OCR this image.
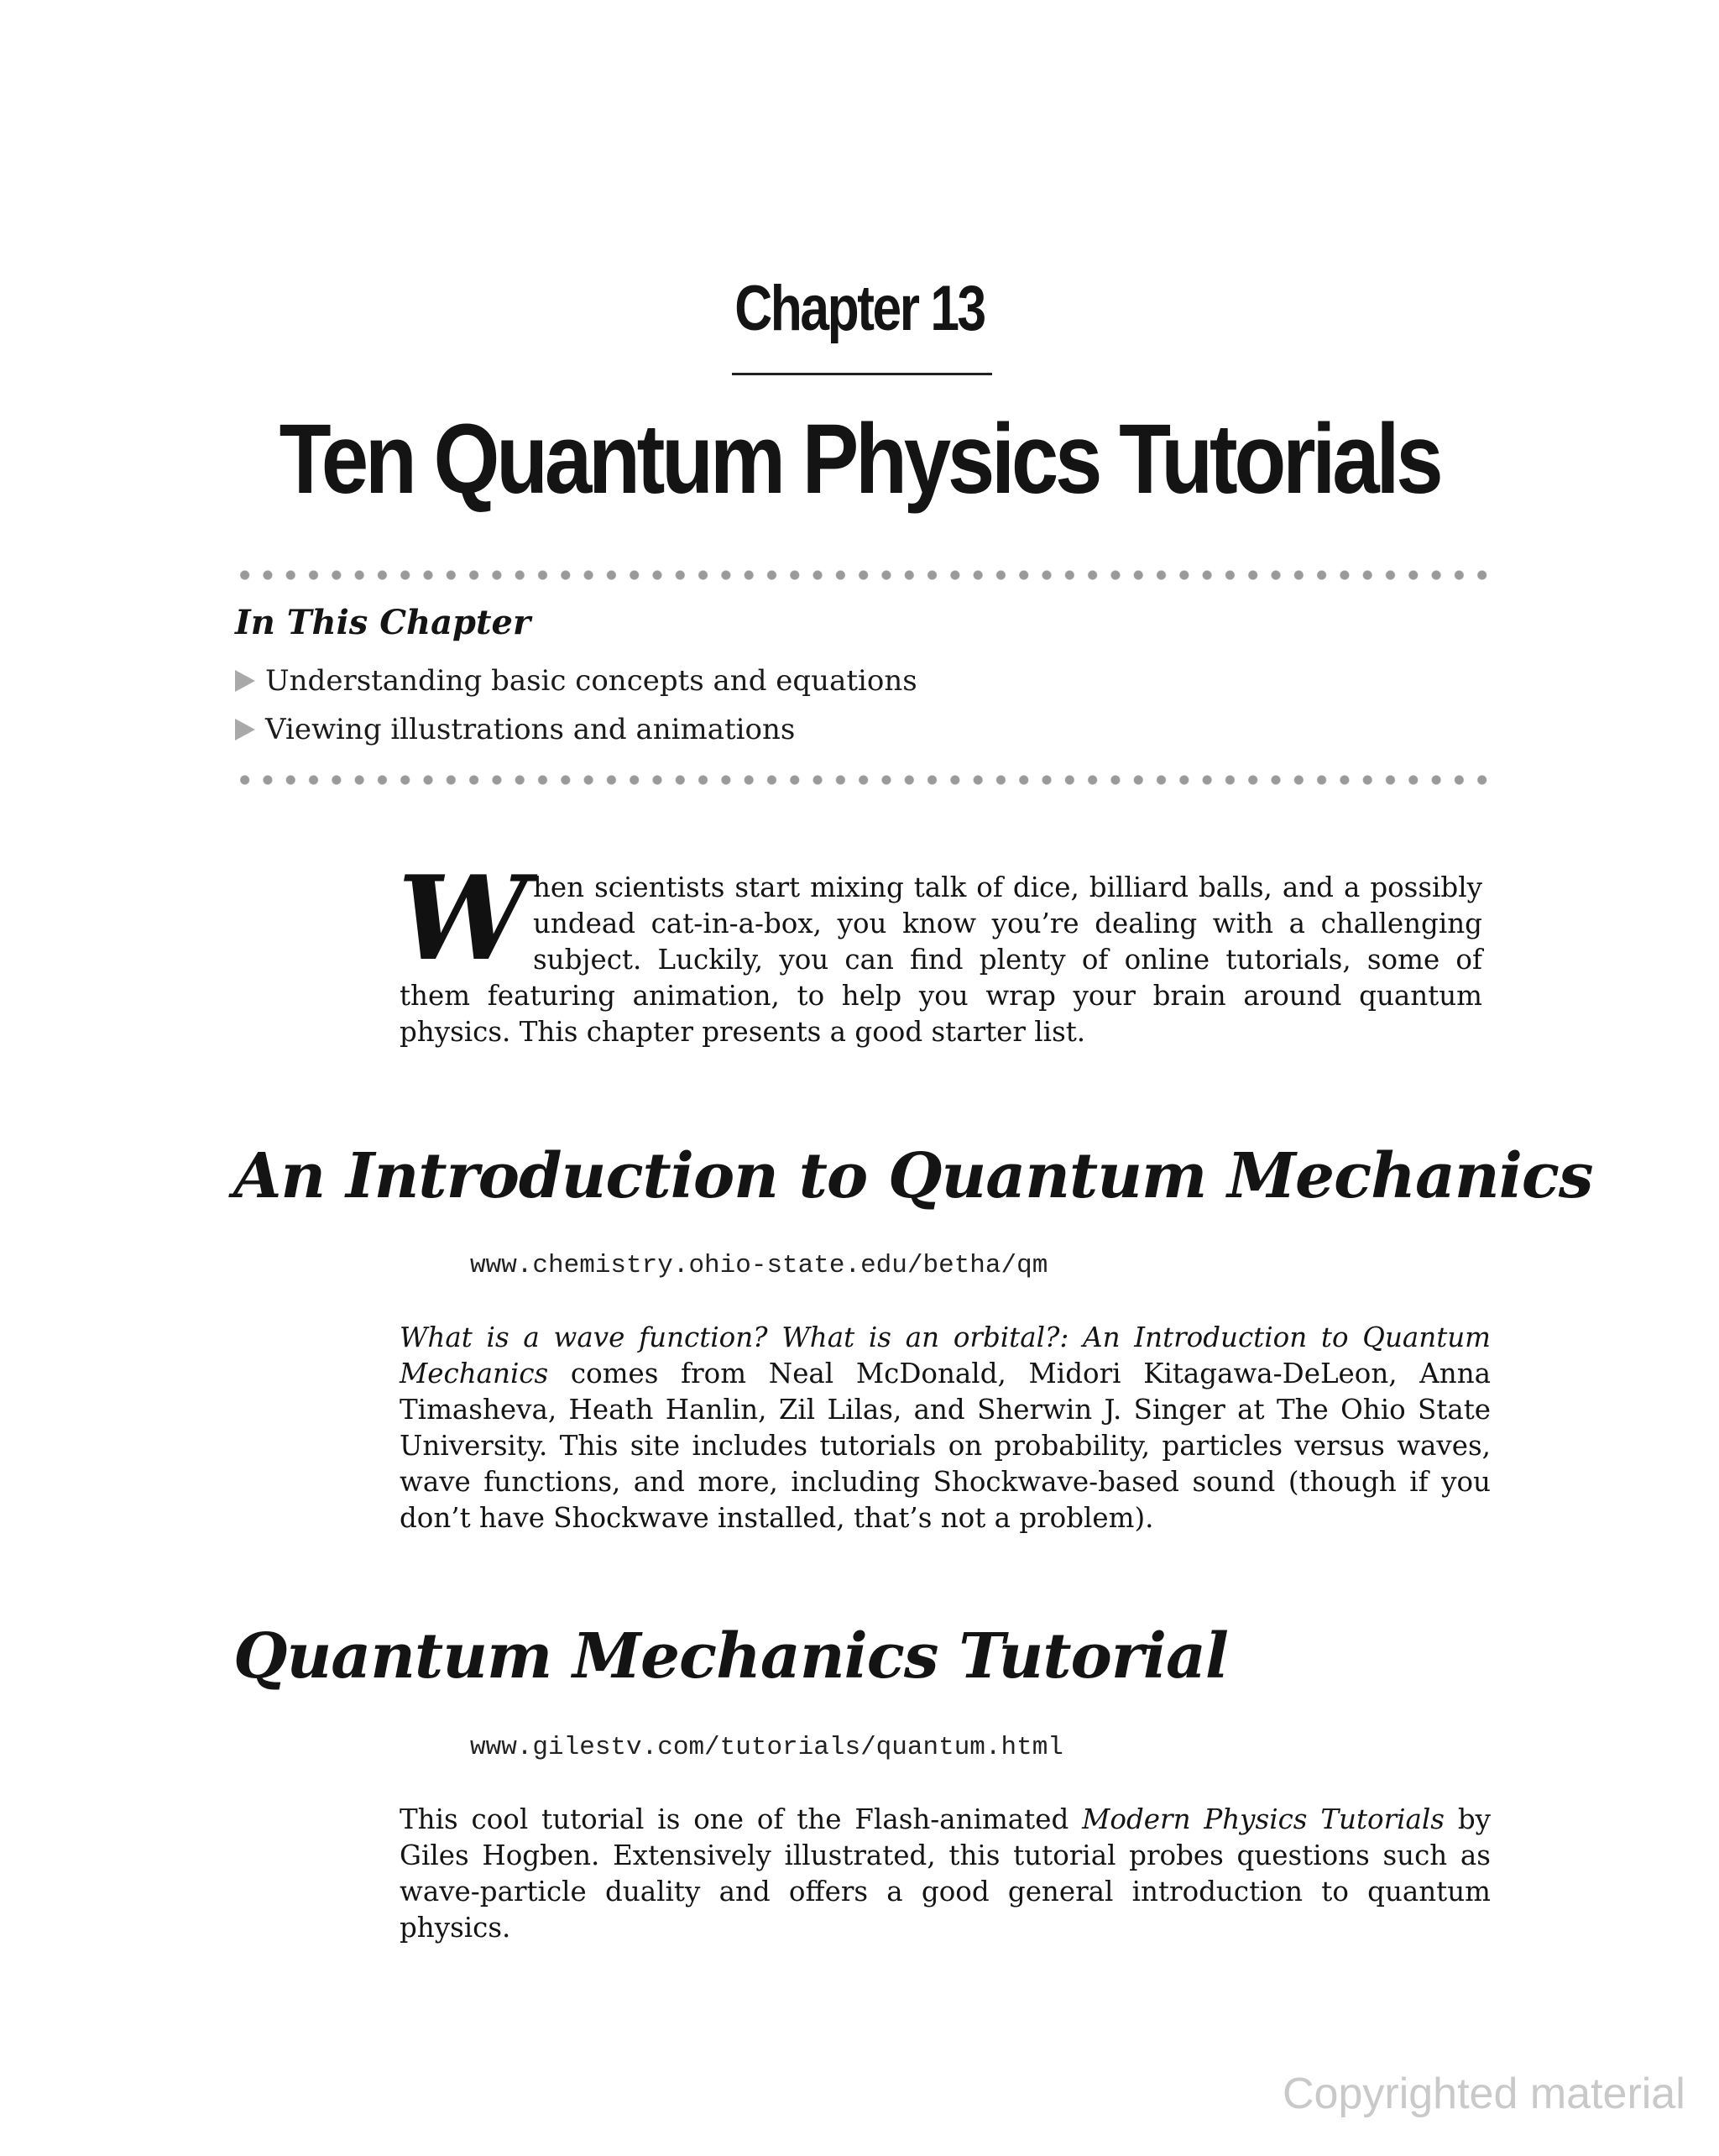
Chapter 13
Ten Quantum Physics Tutorials
In This Chapter
Understanding basic concepts and equations
Viewing illustrations and animations
When scientists start mixing talk of dice, billiard balls, and a possibly undead cat-in-a-box, you know you’re dealing with a challenging subject. Luckily, you can find plenty of online tutorials, some of them featuring animation, to help you wrap your brain around quantum physics. This chapter presents a good starter list.
An Introduction to Quantum Mechanics
www.chemistry.ohio-state.edu/betha/qm
What is a wave function? What is an orbital?: An Introduction to Quantum Mechanics comes from Neal McDonald, Midori Kitagawa-DeLeon, Anna Timasheva, Heath Hanlin, Zil Lilas, and Sherwin J. Singer at The Ohio State University. This site includes tutorials on probability, particles versus waves, wave functions, and more, including Shockwave-based sound (though if you don’t have Shockwave installed, that’s not a problem).
Quantum Mechanics Tutorial
www.gilestv.com/tutorials/quantum.html
This cool tutorial is one of the Flash-animated Modern Physics Tutorials by Giles Hogben. Extensively illustrated, this tutorial probes questions such as wave-particle duality and offers a good general introduction to quantum physics.
Copyrighted material
